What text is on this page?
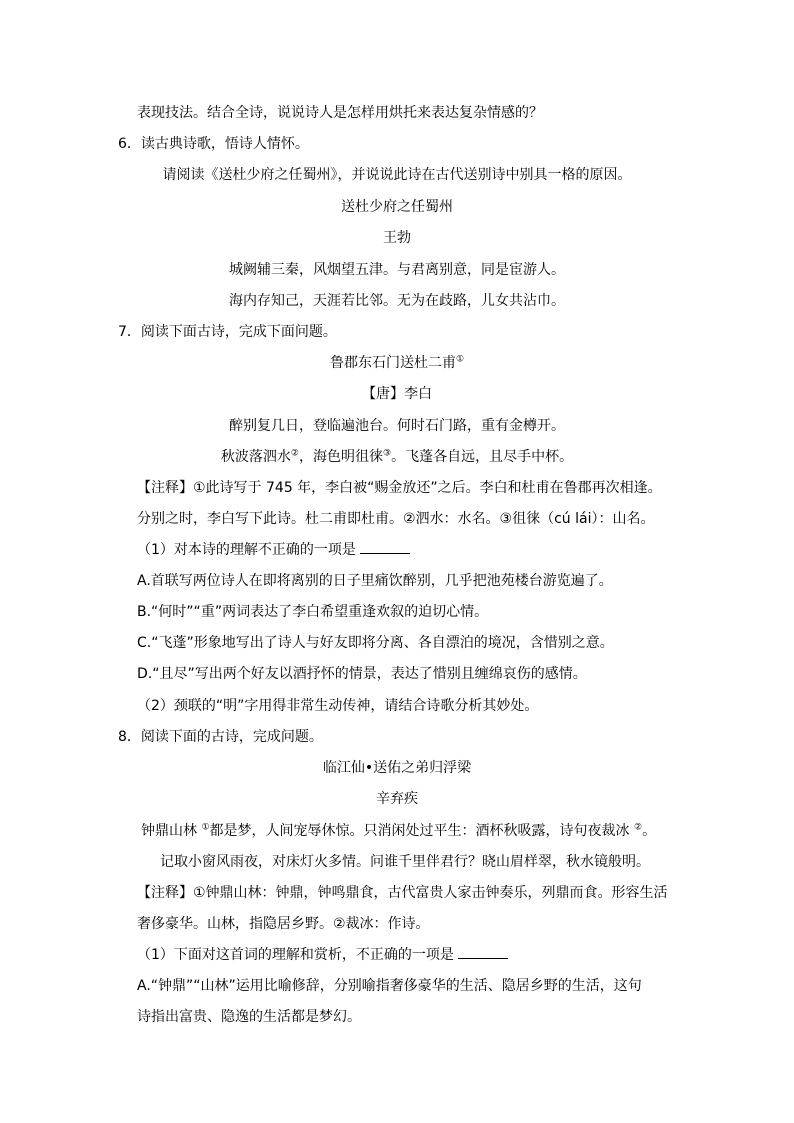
表现技法。结合全诗，说说诗人是怎样用烘托来表达复杂情感的？
6．读古典诗歌，悟诗人情怀。
请阅读《送杜少府之任蜀州》，并说说此诗在古代送别诗中别具一格的原因。
送杜少府之任蜀州
王勃
城阙辅三秦，风烟望五津。与君离别意，同是宦游人。
海内存知己，天涯若比邻。无为在歧路，儿女共沾巾。
7．阅读下面古诗，完成下面问题。
鲁郡东石门送杜二甫①
【唐】李白
醉别复几日，登临遍池台。何时石门路，重有金樽开。
秋波落泗水②，海色明徂徕③。飞蓬各自远，且尽手中杯。
【注释】①此诗写于 745 年，李白被“赐金放还”之后。李白和杜甫在鲁郡再次相逢。
分别之时，李白写下此诗。杜二甫即杜甫。②泗水：水名。③徂徕（cú lái）：山名。
（1）对本诗的理解不正确的一项是
A.首联写两位诗人在即将离别的日子里痛饮醉别，几乎把池苑楼台游览遍了。
B.“何时”“重”两词表达了李白希望重逢欢叙的迫切心情。
C.“飞蓬”形象地写出了诗人与好友即将分离、各自漂泊的境况，含惜别之意。
D.“且尽”写出两个好友以酒抒怀的情景，表达了惜别且缠绵哀伤的感情。
（2）颈联的“明”字用得非常生动传神，请结合诗歌分析其妙处。
8．阅读下面的古诗，完成问题。
临江仙•送佑之弟归浮梁
辛弃疾
钟鼎山林 ①都是梦，人间宠辱休惊。只消闲处过平生：酒杯秋吸露，诗句夜裁冰 ②。
记取小窗风雨夜，对床灯火多情。问谁千里伴君行？晓山眉样翠，秋水镜般明。
【注释】①钟鼎山林：钟鼎，钟鸣鼎食，古代富贵人家击钟奏乐，列鼎而食。形容生活
奢侈豪华。山林，指隐居乡野。②裁冰：作诗。
（1）下面对这首词的理解和赏析，不正确的一项是
A.“钟鼎”“山林”运用比喻修辞，分别喻指奢侈豪华的生活、隐居乡野的生活，这句
诗指出富贵、隐逸的生活都是梦幻。
